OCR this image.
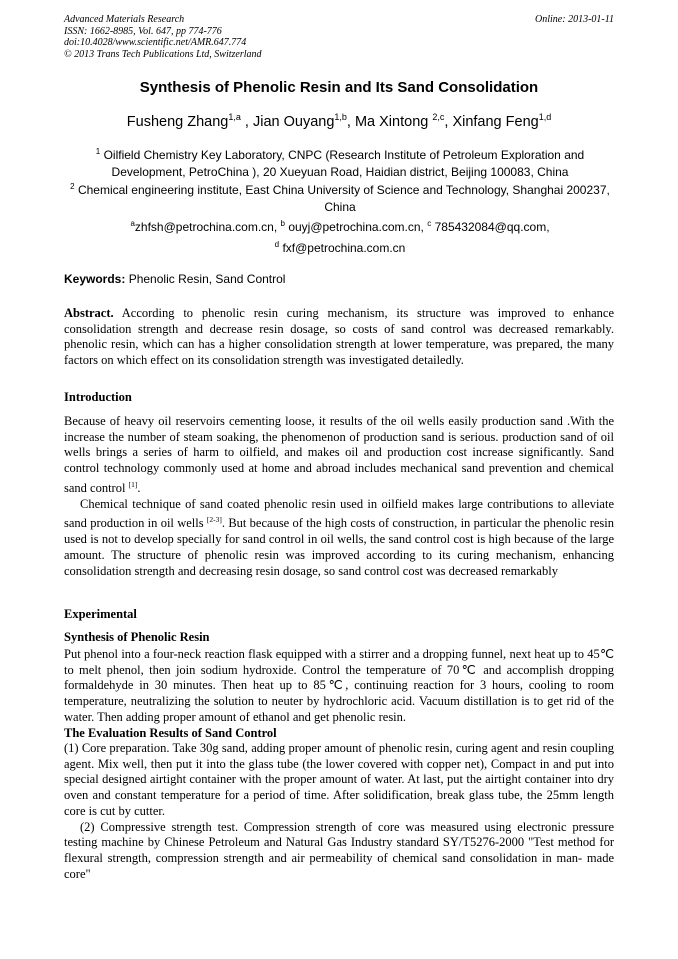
Advanced Materials Research
ISSN: 1662-8985, Vol. 647, pp 774-776
doi:10.4028/www.scientific.net/AMR.647.774
© 2013 Trans Tech Publications Ltd, Switzerland
Online: 2013-01-11
Synthesis of Phenolic Resin and Its Sand Consolidation
Fusheng Zhang$^{1,a}$ , Jian Ouyang$^{1,b}$, Ma Xintong $^{2,c}$, Xinfang Feng$^{1,d}$
$^1$ Oilfield Chemistry Key Laboratory, CNPC (Research Institute of Petroleum Exploration and Development, PetroChina ), 20 Xueyuan Road, Haidian district, Beijing 100083, China
$^2$ Chemical engineering institute, East China University of Science and Technology, Shanghai 200237, China
$^a$zhfsh@petrochina.com.cn, $^b$ ouyj@petrochina.com.cn, $^c$ 785432084@qq.com,
$^d$ fxf@petrochina.com.cn
Keywords: Phenolic Resin, Sand Control

Abstract. According to phenolic resin curing mechanism, its structure was improved to enhance consolidation strength and decrease resin dosage, so costs of sand control was decreased remarkably. phenolic resin, which can has a higher consolidation strength at lower temperature, was prepared, the many factors on which effect on its consolidation strength was investigated detailedly.

Introduction

Because of heavy oil reservoirs cementing loose, it results of the oil wells easily production sand .With the increase the number of steam soaking, the phenomenon of production sand is serious. production sand of oil wells brings a series of harm to oilfield, and makes oil and production cost increase significantly. Sand control technology commonly used at home and abroad includes mechanical sand prevention and chemical sand control [1].

Chemical technique of sand coated phenolic resin used in oilfield makes large contributions to alleviate sand production in oil wells [2-3]. But because of the high costs of construction, in particular the phenolic resin used is not to develop specially for sand control in oil wells, the sand control cost is high because of the large amount. The structure of phenolic resin was improved according to its curing mechanism, enhancing consolidation strength and decreasing resin dosage, so sand control cost was decreased remarkably

Experimental
Synthesis of Phenolic Resin

Put phenol into a four-neck reaction flask equipped with a stirrer and a dropping funnel, next heat up to 45℃ to melt phenol, then join sodium hydroxide. Control the temperature of 70℃ and accomplish dropping formaldehyde in 30 minutes. Then heat up to 85℃, continuing reaction for 3 hours, cooling to room temperature, neutralizing the solution to neuter by hydrochloric acid. Vacuum distillation is to get rid of the water. Then adding proper amount of ethanol and get phenolic resin.

The Evaluation Results of Sand Control

(1) Core preparation. Take 30g sand, adding proper amount of phenolic resin, curing agent and resin coupling agent. Mix well, then put it into the glass tube (the lower covered with copper net), Compact in and put into special designed airtight container with the proper amount of water. At last, put the airtight container into dry oven and constant temperature for a period of time. After solidification, break glass tube, the 25mm length core is cut by cutter.

(2) Compressive strength test. Compression strength of core was measured using electronic pressure testing machine by Chinese Petroleum and Natural Gas Industry standard SY/T5276-2000 "Test method for flexural strength, compression strength and air permeability of chemical sand consolidation in man- made core"
